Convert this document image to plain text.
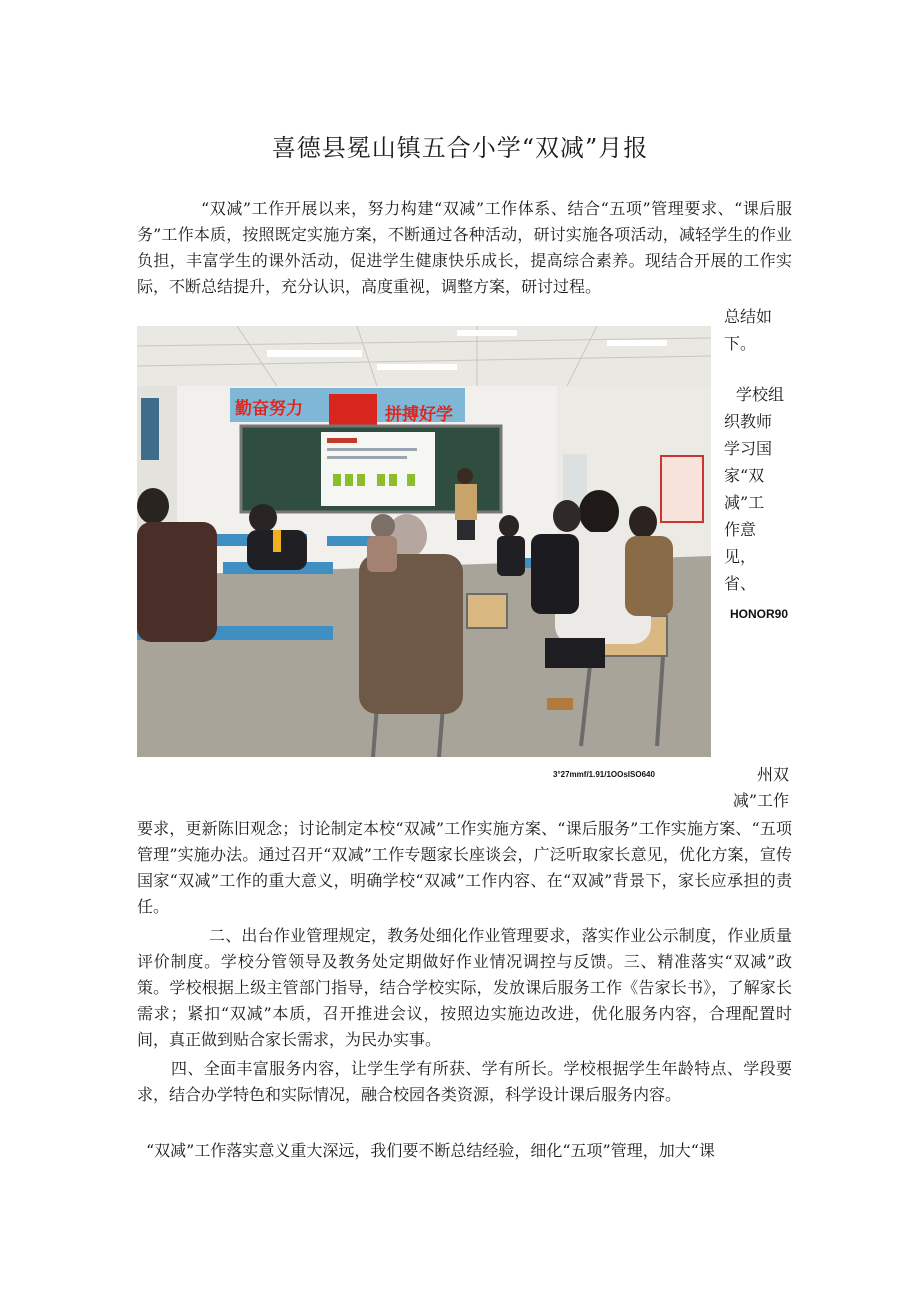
喜德县冕山镇五合小学“双减”月报

“双减”工作开展以来，努力构建“双减”工作体系、结合“五项”管理要求、“课后服务”工作本质，按照既定实施方案，不断通过各种活动，研讨实施各项活动，减轻学生的作业负担，丰富学生的课外活动，促进学生健康快乐成长，提高综合素养。现结合开展的工作实际，不断总结提升，充分认识，高度重视，调整方案，研讨过程。

总结如
下。
学校组
织教师
学习国
家“双
减”工
作意
见，
省、
勤奋努力	拼搏好学
HONOR90
3°27mmf/1.91/1OOsISO640	州双
减”工作

要求，更新陈旧观念；讨论制定本校“双减”工作实施方案、“课后服务”工作实施方案、“五项管理”实施办法。通过召开“双减”工作专题家长座谈会，广泛听取家长意见，优化方案，宣传国家“双减”工作的重大意义，明确学校“双减”工作内容、在“双减”背景下，家长应承担的责任。

二、出台作业管理规定，教务处细化作业管理要求，落实作业公示制度，作业质量评价制度。学校分管领导及教务处定期做好作业情况调控与反馈。三、精准落实“双减”政策。学校根据上级主管部门指导，结合学校实际，发放课后服务工作《告家长书》，了解家长需求；紧扣“双减”本质，召开推进会议，按照边实施边改进，优化服务内容，合理配置时间，真正做到贴合家长需求，为民办实事。

四、全面丰富服务内容，让学生学有所获、学有所长。学校根据学生年龄特点、学段要求，结合办学特色和实际情况，融合校园各类资源，科学设计课后服务内容。

“双减”工作落实意义重大深远，我们要不断总结经验，细化“五项”管理，加大“课
